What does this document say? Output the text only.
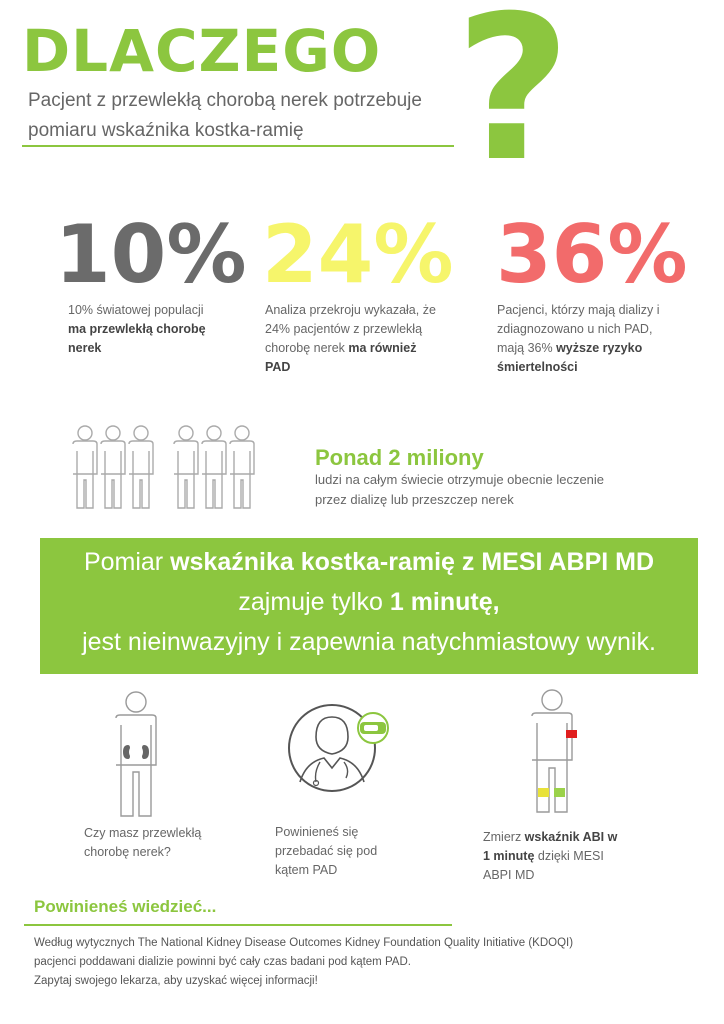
DLACZEGO
Pacjent z przewlekłą chorobą nerek potrzebuje pomiaru wskaźnika kostka-ramię ?
10%
10% światowej populacji ma przewlekłą chorobę nerek
24%
Analiza przekroju wykazała, że 24% pacjentów z przewlekłą chorobę nerek ma również PAD
36%
Pacjenci, którzy mają dializy i zdiagnozowano u nich PAD, mają 36% wyższe ryzyko śmiertelności
Ponad 2 miliony
ludzi na całym świecie otrzymuje obecnie leczenie przez dializę lub przeszczep nerek
Pomiar wskaźnika kostka-ramię z MESI ABPI MD
zajmuje tylko 1 minutę,
jest nieinwazyjny i zapewnia natychmiastowy wynik.
Czy masz przewlekłą chorobę nerek?
Powinieneś się przebadać się pod kątem PAD
Zmierz wskaźnik ABI w 1 minutę dzięki MESI ABPI MD
Powinieneś wiedzieć...
Według wytycznych The National Kidney Disease Outcomes Kidney Foundation Quality Initiative (KDOQI)
pacjenci poddawani dializie powinni być cały czas badani pod kątem PAD.
Zapytaj swojego lekarza, aby uzyskać więcej informacji!
